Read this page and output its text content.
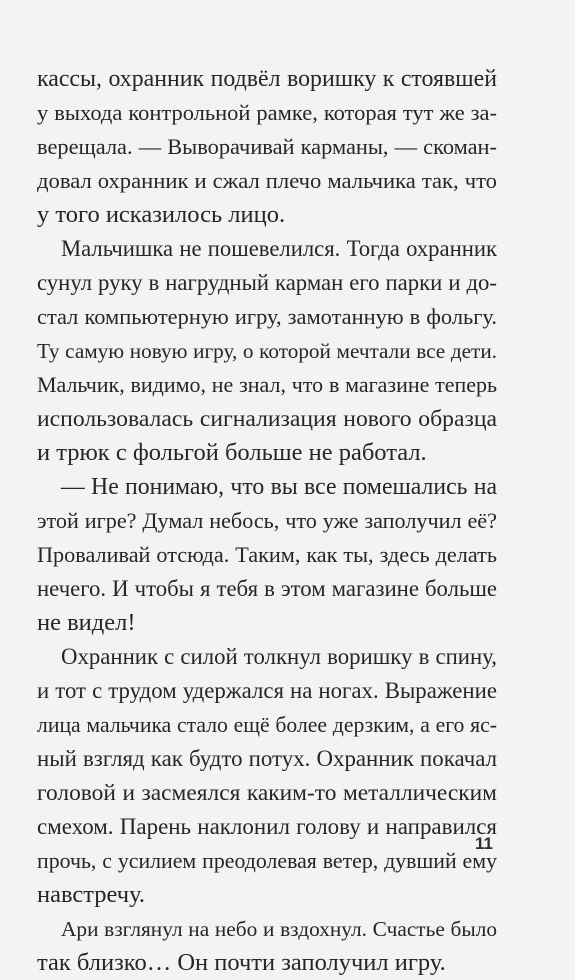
кассы, охранник подвёл воришку к стоявшей
у выхода контрольной рамке, которая тут же за-
верещала. — Выворачивай карманы, — скоман-
довал охранник и сжал плечо мальчика так, что
у того исказилось лицо.

Мальчишка не пошевелился. Тогда охранник
сунул руку в нагрудный карман его парки и до-
стал компьютерную игру, замотанную в фольгу.
Ту самую новую игру, о которой мечтали все дети.
Мальчик, видимо, не знал, что в магазине теперь
использовалась сигнализация нового образца
и трюк с фольгой больше не работал.

— Не понимаю, что вы все помешались на
этой игре? Думал небось, что уже заполучил её?
Проваливай отсюда. Таким, как ты, здесь делать
нечего. И чтобы я тебя в этом магазине больше
не видел!

Охранник с силой толкнул воришку в спину,
и тот с трудом удержался на ногах. Выражение
лица мальчика стало ещё более дерзким, а его яс-
ный взгляд как будто потух. Охранник покачал
головой и засмеялся каким-то металлическим
смехом. Парень наклонил голову и направился
прочь, с усилием преодолевая ветер, дувший ему
навстречу.

Ари взглянул на небо и вздохнул. Счастье было
так близко… Он почти заполучил игру.

11
